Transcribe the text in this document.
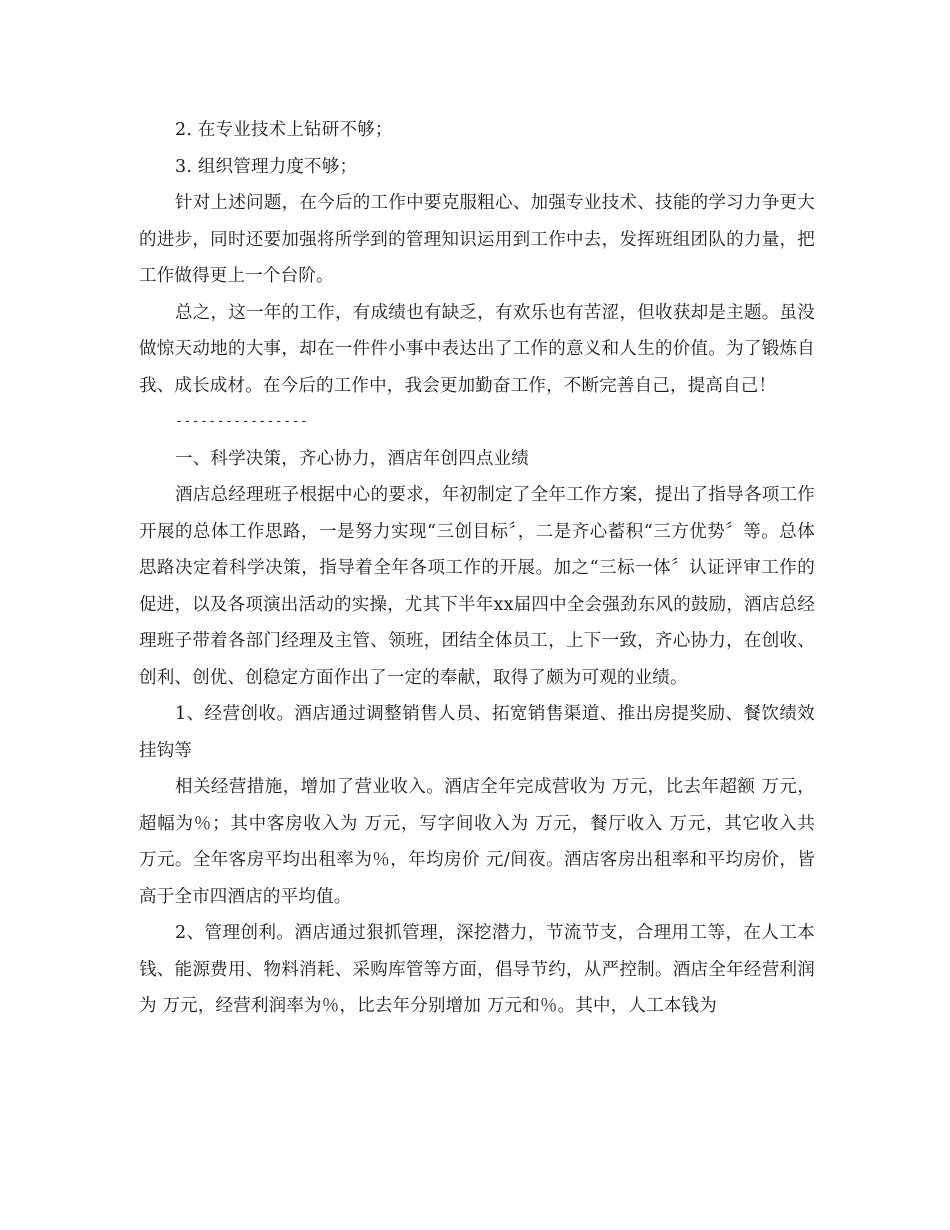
2. 在专业技术上钻研不够；

3. 组织管理力度不够；

针对上述问题，在今后的工作中要克服粗心、加强专业技术、技能的学习力争更大的进步，同时还要加强将所学到的管理知识运用到工作中去，发挥班组团队的力量，把工作做得更上一个台阶。

总之，这一年的工作，有成绩也有缺乏，有欢乐也有苦涩，但收获却是主题。虽没做惊天动地的大事，却在一件件小事中表达出了工作的意义和人生的价值。为了锻炼自我、成长成材。在今后的工作中，我会更加勤奋工作，不断完善自己，提高自己！

----------------

一、科学决策，齐心协力，酒店年创四点业绩

酒店总经理班子根据中心的要求，年初制定了全年工作方案，提出了指导各项工作开展的总体工作思路，一是努力实现“三创目标〞，二是齐心蓄积“三方优势〞等。总体思路决定着科学决策，指导着全年各项工作的开展。加之“三标一体〞认证评审工作的促进，以及各项演出活动的实操，尤其下半年xx届四中全会强劲东风的鼓励，酒店总经理班子带着各部门经理及主管、领班，团结全体员工，上下一致，齐心协力，在创收、创利、创优、创稳定方面作出了一定的奉献，取得了颇为可观的业绩。

1、经营创收。酒店通过调整销售人员、拓宽销售渠道、推出房提奖励、餐饮绩效挂钩等

相关经营措施，增加了营业收入。酒店全年完成营收为 万元，比去年超额 万元，超幅为％；其中客房收入为 万元，写字间收入为 万元，餐厅收入 万元，其它收入共 万元。全年客房平均出租率为％，年均房价 元/间夜。酒店客房出租率和平均房价，皆高于全市四酒店的平均值。

2、管理创利。酒店通过狠抓管理，深挖潜力，节流节支，合理用工等，在人工本钱、能源费用、物料消耗、采购库管等方面，倡导节约，从严控制。酒店全年经营利润为 万元，经营利润率为％，比去年分别增加 万元和％。其中，人工本钱为
